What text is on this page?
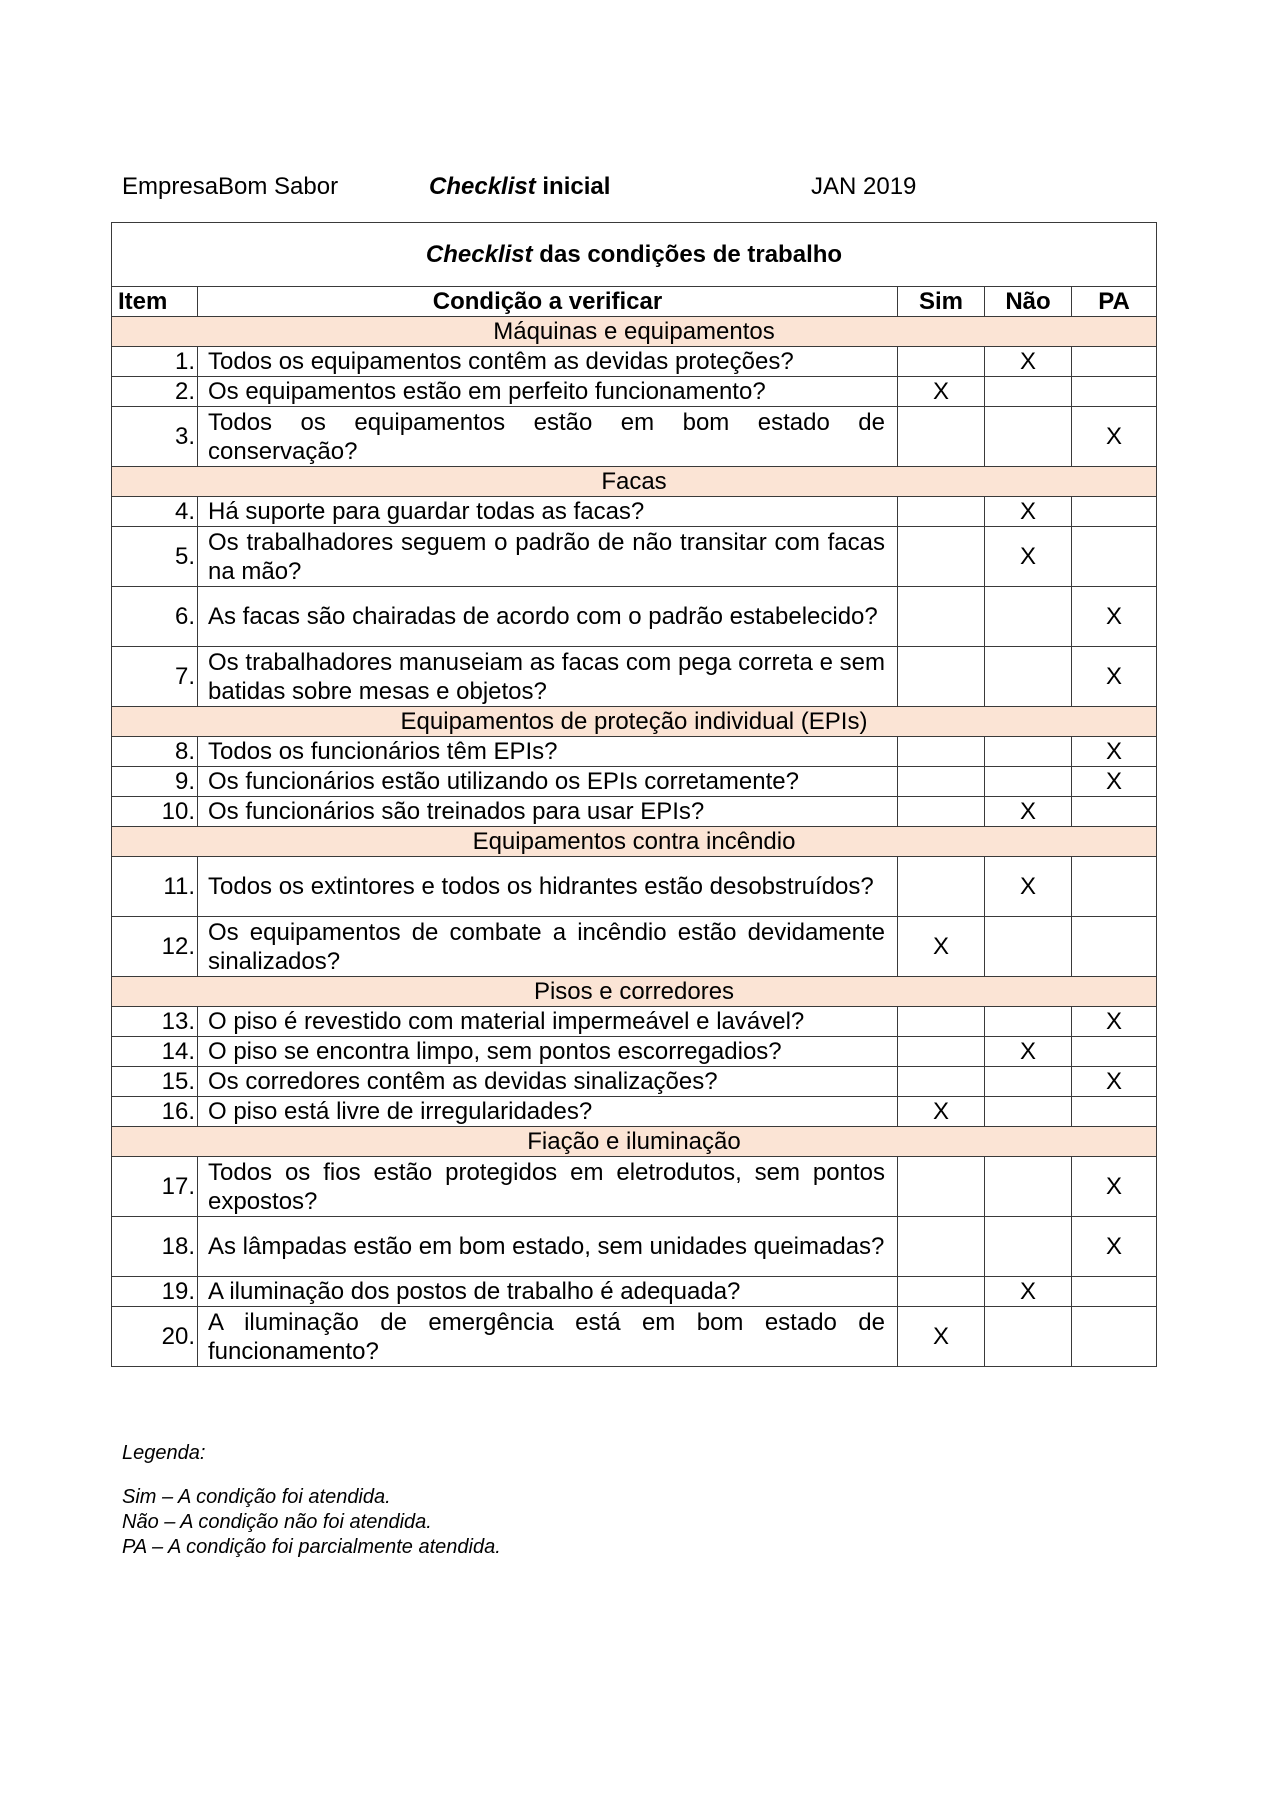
EmpresaBom Sabor	Checklist inicial	JAN 2019
Checklist das condições de trabalho				
Item	Condição a verificar	Sim	Não	PA
Máquinas e equipamentos				
1.	Todos os equipamentos contêm as devidas proteções?		X	
2.	Os equipamentos estão em perfeito funcionamento?	X		
3.	Todos os equipamentos estão em bom estado de conservação?			X
Facas				
4.	Há suporte para guardar todas as facas?		X	
5.	Os trabalhadores seguem o padrão de não transitar com facas na mão?		X	
6.	As facas são chairadas de acordo com o padrão estabelecido?			X
7.	Os trabalhadores manuseiam as facas com pega correta e sem batidas sobre mesas e objetos?			X
Equipamentos de proteção individual (EPIs)				
8.	Todos os funcionários têm EPIs?			X
9.	Os funcionários estão utilizando os EPIs corretamente?			X
10.	Os funcionários são treinados para usar EPIs?		X	
Equipamentos contra incêndio				
11.	Todos os extintores e todos os hidrantes estão desobstruídos?		X	
12.	Os equipamentos de combate a incêndio estão devidamente sinalizados?	X		
Pisos e corredores				
13.	O piso é revestido com material impermeável e lavável?			X
14.	O piso se encontra limpo, sem pontos escorregadios?		X	
15.	Os corredores contêm as devidas sinalizações?			X
16.	O piso está livre de irregularidades?	X		
Fiação e iluminação				
17.	Todos os fios estão protegidos em eletrodutos, sem pontos expostos?			X
18.	As lâmpadas estão em bom estado, sem unidades queimadas?			X
19.	A iluminação dos postos de trabalho é adequada?		X	
20.	A iluminação de emergência está em bom estado de funcionamento?	X		
Legenda:
Sim – A condição foi atendida.
Não – A condição não foi atendida.
PA – A condição foi parcialmente atendida.
